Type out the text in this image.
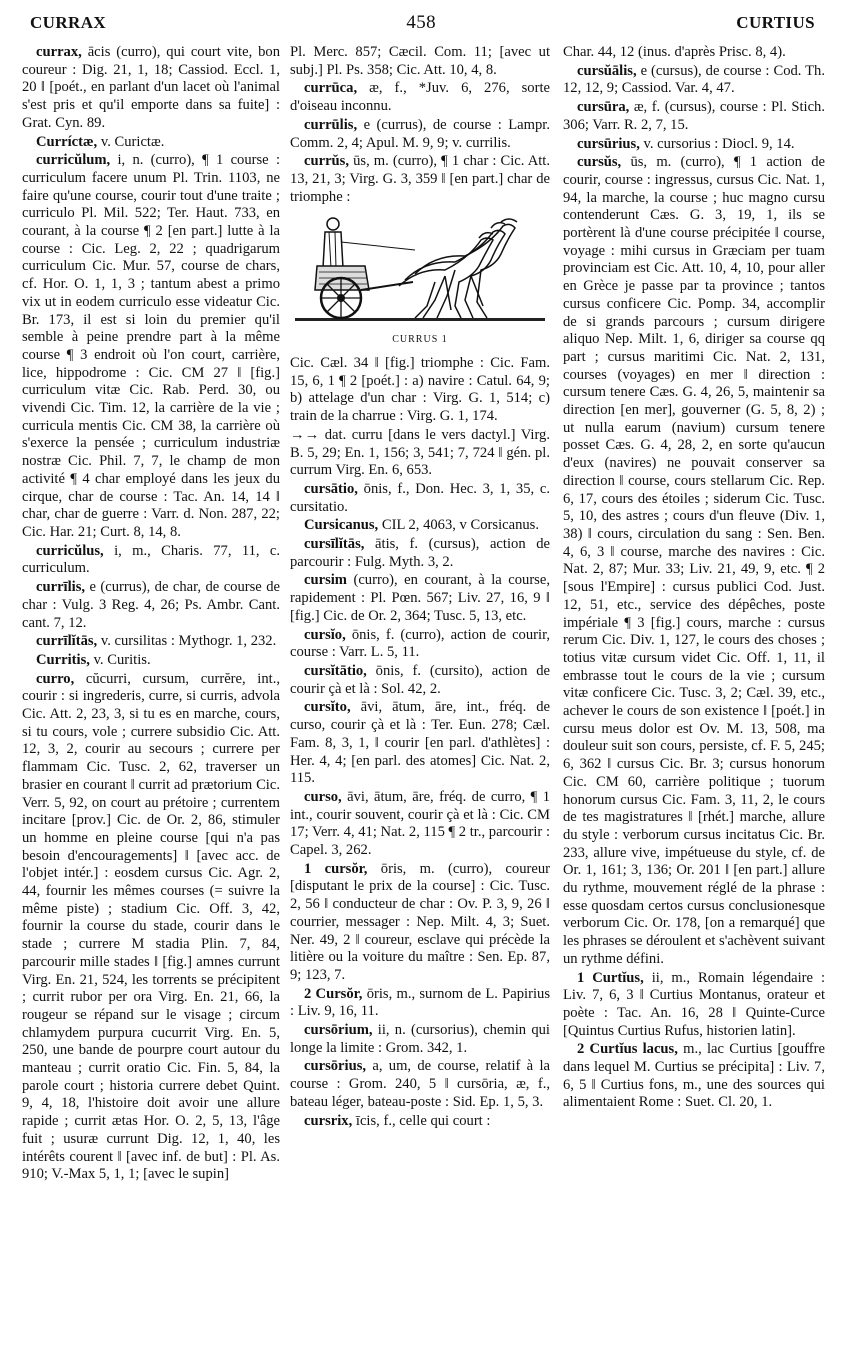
CURRAX	458	CURTIUS

currax, ācis (curro), qui court vite, bon coureur : Dig. 21, 1, 18; Cassiod. Eccl. 1, 20 ‖ [poét., en parlant d'un lacet où l'animal s'est pris et qu'il emporte dans sa fuite] : Grat. Cyn. 89.

Curríctæ, v. Curictæ.

curricŭlum, i, n. (curro), ¶ 1 course : curriculum facere unum Pl. Trin. 1103, ne faire qu'une course, courir tout d'une traite ; curriculo Pl. Mil. 522; Ter. Haut. 733, en courant, à la course ¶ 2 [en part.] lutte à la course : Cic. Leg. 2, 22 ; quadrigarum curriculum Cic. Mur. 57, course de chars, cf. Hor. O. 1, 1, 3 ; tantum abest a primo vix ut in eodem curriculo esse videatur Cic. Br. 173, il est si loin du premier qu'il semble à peine prendre part à la même course ¶ 3 endroit où l'on court, carrière, lice, hippodrome : Cic. CM 27 ‖ [fig.] curriculum vitæ Cic. Rab. Perd. 30, ou vivendi Cic. Tim. 12, la carrière de la vie ; curricula mentis Cic. CM 38, la carrière où s'exerce la pensée ; curriculum industriæ nostræ Cic. Phil. 7, 7, le champ de mon activité ¶ 4 char employé dans les jeux du cirque, char de course : Tac. An. 14, 14 ‖ char, char de guerre : Varr. d. Non. 287, 22; Cic. Har. 21; Curt. 8, 14, 8.

curricŭlus, i, m., Charis. 77, 11, c. curriculum.

currīlis, e (currus), de char, de course de char : Vulg. 3 Reg. 4, 26; Ps. Ambr. Cant. cant. 7, 12.

currīlĭtās, v. cursilitas : Mythogr. 1, 232.

Curritis, v. Curitis.

curro, cŭcurri, cursum, currĕre, int., courir : si ingrederis, curre, si curris, advola Cic. Att. 2, 23, 3, si tu es en marche, cours, si tu cours, vole ; currere subsidio Cic. Att. 12, 3, 2, courir au secours ; currere per flammam Cic. Tusc. 2, 62, traverser un brasier en courant ‖ currit ad prætorium Cic. Verr. 5, 92, on court au prétoire ; currentem incitare [prov.] Cic. de Or. 2, 86, stimuler un homme en pleine course [qui n'a pas besoin d'encouragements] ‖ [avec acc. de l'objet intér.] : eosdem cursus Cic. Agr. 2, 44, fournir les mêmes courses (= suivre la même piste) ; stadium Cic. Off. 3, 42, fournir la course du stade, courir dans le stade ; currere M stadia Plin. 7, 84, parcourir mille stades ‖ [fig.] amnes currunt Virg. En. 21, 524, les torrents se précipitent ; currit rubor per ora Virg. En. 21, 66, la rougeur se répand sur le visage ; circum chlamydem purpura cucurrit Virg. En. 5, 250, une bande de pourpre court autour du manteau ; currit oratio Cic. Fin. 5, 84, la parole court ; historia currere debet Quint. 9, 4, 18, l'histoire doit avoir une allure rapide ; currit ætas Hor. O. 2, 5, 13, l'âge fuit ; usuræ currunt Dig. 12, 1, 40, les intérêts courent ‖ [avec inf. de but] : Pl. As. 910; V.-Max 5, 1, 1; [avec le supin]

Pl. Merc. 857; Cæcil. Com. 11; [avec ut subj.] Pl. Ps. 358; Cic. Att. 10, 4, 8.

currūca, æ, f., *Juv. 6, 276, sorte d'oiseau inconnu.

currūlis, e (currus), de course : Lampr. Comm. 2, 4; Apul. M. 9, 9; v. currilis.

currŭs, ūs, m. (curro), ¶ 1 char : Cic. Att. 13, 21, 3; Virg. G. 3, 359 ‖ [en part.] char de triomphe :

CURRUS 1

Cic. Cæl. 34 ‖ [fig.] triomphe : Cic. Fam. 15, 6, 1 ¶ 2 [poét.] : a) navire : Catul. 64, 9; b) attelage d'un char : Virg. G. 1, 514; c) train de la charrue : Virg. G. 1, 174.

→→ dat. curru [dans le vers dactyl.] Virg. B. 5, 29; En. 1, 156; 3, 541; 7, 724 ‖ gén. pl. currum Virg. En. 6, 653.

cursātio, ōnis, f., Don. Hec. 3, 1, 35, c. cursitatio.

Cursicanus, CIL 2, 4063, v Corsicanus.

cursīlĭtās, ātis, f. (cursus), action de parcourir : Fulg. Myth. 3, 2.

cursim (curro), en courant, à la course, rapidement : Pl. Pœn. 567; Liv. 27, 16, 9 ‖ [fig.] Cic. de Or. 2, 364; Tusc. 5, 13, etc.

cursĭo, ōnis, f. (curro), action de courir, course : Varr. L. 5, 11.

cursĭtātio, ōnis, f. (cursito), action de courir çà et là : Sol. 42, 2.

cursĭto, āvi, ātum, āre, int., fréq. de curso, courir çà et là : Ter. Eun. 278; Cæl. Fam. 8, 3, 1, ‖ courir [en parl. d'athlètes] : Her. 4, 4; [en parl. des atomes] Cic. Nat. 2, 115.

curso, āvi, ātum, āre, fréq. de curro, ¶ 1 int., courir souvent, courir çà et là : Cic. CM 17; Verr. 4, 41; Nat. 2, 115 ¶ 2 tr., parcourir : Capel. 3, 262.

1 cursŏr, ōris, m. (curro), coureur [disputant le prix de la course] : Cic. Tusc. 2, 56 ‖ conducteur de char : Ov. P. 3, 9, 26 ‖ courrier, messager : Nep. Milt. 4, 3; Suet. Ner. 49, 2 ‖ coureur, esclave qui précède la litière ou la voiture du maître : Sen. Ep. 87, 9; 123, 7.

2 Cursŏr, ōris, m., surnom de L. Papirius : Liv. 9, 16, 11.

cursōrium, ii, n. (cursorius), chemin qui longe la limite : Grom. 342, 1.

cursōrius, a, um, de course, relatif à la course : Grom. 240, 5 ‖ cursōria, æ, f., bateau léger, bateau-poste : Sid. Ep. 1, 5, 3.

cursrix, īcis, f., celle qui court :

Char. 44, 12 (inus. d'après Prisc. 8, 4).

cursŭālis, e (cursus), de course : Cod. Th. 12, 12, 9; Cassiod. Var. 4, 47.

cursūra, æ, f. (cursus), course : Pl. Stich. 306; Varr. R. 2, 7, 15.

cursūrius, v. cursorius : Diocl. 9, 14.

cursŭs, ūs, m. (curro), ¶ 1 action de courir, course : ingressus, cursus Cic. Nat. 1, 94, la marche, la course ; huc magno cursu contenderunt Cæs. G. 3, 19, 1, ils se portèrent là d'une course précipitée ‖ course, voyage : mihi cursus in Græciam per tuam provinciam est Cic. Att. 10, 4, 10, pour aller en Grèce je passe par ta province ; tantos cursus conficere Cic. Pomp. 34, accomplir de si grands parcours ; cursum dirigere aliquo Nep. Milt. 1, 6, diriger sa course qq part ; cursus maritimi Cic. Nat. 2, 131, courses (voyages) en mer ‖ direction : cursum tenere Cæs. G. 4, 26, 5, maintenir sa direction [en mer], gouverner (G. 5, 8, 2) ; ut nulla earum (navium) cursum tenere posset Cæs. G. 4, 28, 2, en sorte qu'aucun d'eux (navires) ne pouvait conserver sa direction ‖ course, cours stellarum Cic. Rep. 6, 17, cours des étoiles ; siderum Cic. Tusc. 5, 10, des astres ; cours d'un fleuve (Div. 1, 38) ‖ cours, circulation du sang : Sen. Ben. 4, 6, 3 ‖ course, marche des navires : Cic. Nat. 2, 87; Mur. 33; Liv. 21, 49, 9, etc. ¶ 2 [sous l'Empire] : cursus publici Cod. Just. 12, 51, etc., service des dépêches, poste impériale ¶ 3 [fig.] cours, marche : cursus rerum Cic. Div. 1, 127, le cours des choses ; totius vitæ cursum videt Cic. Off. 1, 11, il embrasse tout le cours de la vie ; cursum vitæ conficere Cic. Tusc. 3, 2; Cæl. 39, etc., achever le cours de son existence ‖ [poét.] in cursu meus dolor est Ov. M. 13, 508, ma douleur suit son cours, persiste, cf. F. 5, 245; 6, 362 ‖ cursus Cic. Br. 3; cursus honorum Cic. CM 60, carrière politique ; tuorum honorum cursus Cic. Fam. 3, 11, 2, le cours de tes magistratures ‖ [rhét.] marche, allure du style : verborum cursus incitatus Cic. Br. 233, allure vive, impétueuse du style, cf. de Or. 1, 161; 3, 136; Or. 201 ‖ [en part.] allure du rythme, mouvement réglé de la phrase : esse quosdam certos cursus conclusionesque verborum Cic. Or. 178, [on a remarqué] que les phrases se déroulent et s'achèvent suivant un rythme défini.

1 Curtĭus, ii, m., Romain légendaire : Liv. 7, 6, 3 ‖ Curtius Montanus, orateur et poète : Tac. An. 16, 28 ‖ Quinte-Curce [Quintus Curtius Rufus, historien latin].

2 Curtĭus lacus, m., lac Curtius [gouffre dans lequel M. Curtius se précipita] : Liv. 7, 6, 5 ‖ Curtius fons, m., une des sources qui alimentaient Rome : Suet. Cl. 20, 1.
